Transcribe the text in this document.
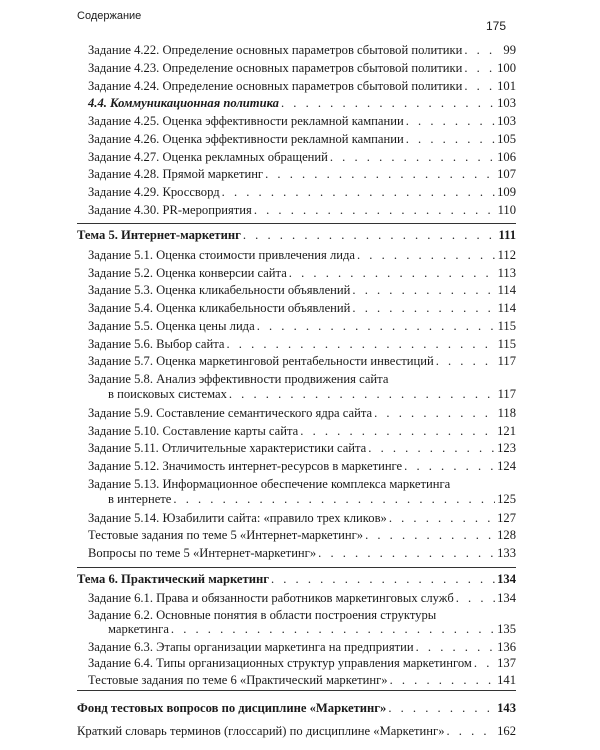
Содержание
175
Задание 4.22. Определение основных параметров сбытовой политики . . .	99
Задание 4.23. Определение основных параметров сбытовой политики . . .	100
Задание 4.24. Определение основных параметров сбытовой политики . . .	101
4.4. Коммуникационная политика . . .	103
Задание 4.25. Оценка эффективности рекламной кампании . . .	103
Задание 4.26. Оценка эффективности рекламной кампании . . .	105
Задание 4.27. Оценка рекламных обращений . . .	106
Задание 4.28. Прямой маркетинг . . .	107
Задание 4.29. Кроссворд . . .	109
Задание 4.30. PR-мероприятия . . .	110
Тема 5. Интернет-маркетинг . . .	111
Задание 5.1. Оценка стоимости привлечения лида . . .	112
Задание 5.2. Оценка конверсии сайта . . .	113
Задание 5.3. Оценка кликабельности объявлений . . .	114
Задание 5.4. Оценка кликабельности объявлений . . .	114
Задание 5.5. Оценка цены лида . . .	115
Задание 5.6. Выбор сайта . . .	115
Задание 5.7. Оценка маркетинговой рентабельности инвестиций . . .	117
Задание 5.8. Анализ эффективности продвижения сайта
в поисковых системах . . .	117
Задание 5.9. Составление семантического ядра сайта . . .	118
Задание 5.10. Составление карты сайта . . .	121
Задание 5.11. Отличительные характеристики сайта . . .	123
Задание 5.12. Значимость интернет-ресурсов в маркетинге . . .	124
Задание 5.13. Информационное обеспечение комплекса маркетинга
в интернете . . .	125
Задание 5.14. Юзабилити сайта: «правило трех кликов» . . .	127
Тестовые задания по теме 5 «Интернет-маркетинг» . . .	128
Вопросы по теме 5 «Интернет-маркетинг» . . .	133
Тема 6. Практический маркетинг . . .	134
Задание 6.1. Права и обязанности работников маркетинговых служб . . .	134
Задание 6.2. Основные понятия в области построения структуры
маркетинга . . .	135
Задание 6.3. Этапы организации маркетинга на предприятии . . .	136
Задание 6.4. Типы организационных структур управления маркетингом . . . 137
Тестовые задания по теме 6 «Практический маркетинг» . . .	141
Фонд тестовых вопросов по дисциплине «Маркетинг» . . .	143
Краткий словарь терминов (глоссарий) по дисциплине «Маркетинг» . . .	162
